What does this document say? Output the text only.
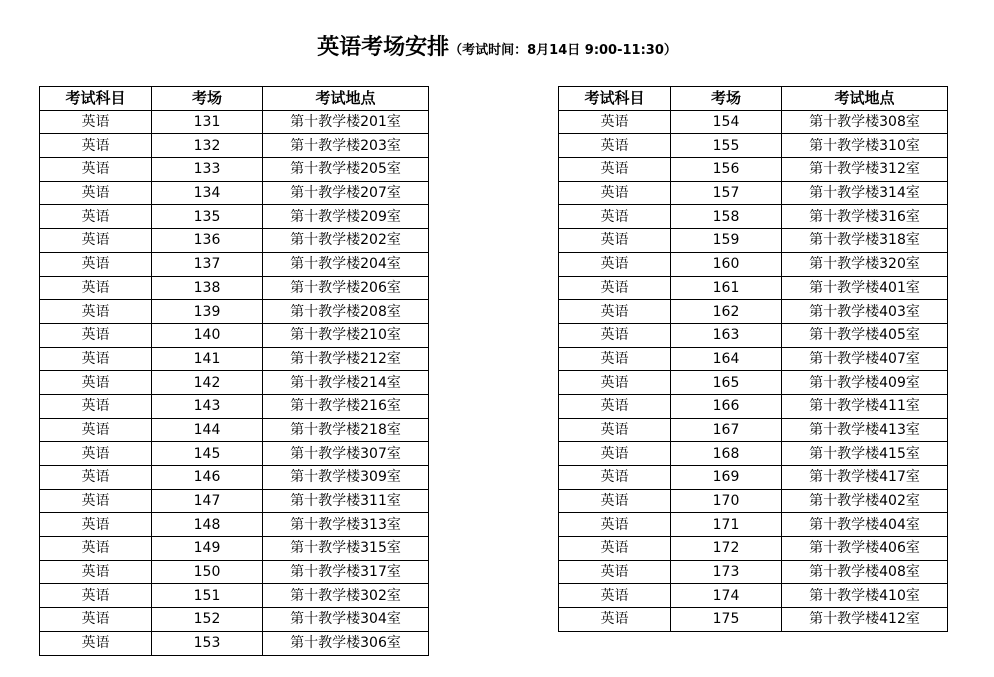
英语考场安排（考试时间：8月14日 9:00-11:30）
考试科目	考场	考试地点
英语	131	第十教学楼201室
英语	132	第十教学楼203室
英语	133	第十教学楼205室
英语	134	第十教学楼207室
英语	135	第十教学楼209室
英语	136	第十教学楼202室
英语	137	第十教学楼204室
英语	138	第十教学楼206室
英语	139	第十教学楼208室
英语	140	第十教学楼210室
英语	141	第十教学楼212室
英语	142	第十教学楼214室
英语	143	第十教学楼216室
英语	144	第十教学楼218室
英语	145	第十教学楼307室
英语	146	第十教学楼309室
英语	147	第十教学楼311室
英语	148	第十教学楼313室
英语	149	第十教学楼315室
英语	150	第十教学楼317室
英语	151	第十教学楼302室
英语	152	第十教学楼304室
英语	153	第十教学楼306室
考试科目	考场	考试地点
英语	154	第十教学楼308室
英语	155	第十教学楼310室
英语	156	第十教学楼312室
英语	157	第十教学楼314室
英语	158	第十教学楼316室
英语	159	第十教学楼318室
英语	160	第十教学楼320室
英语	161	第十教学楼401室
英语	162	第十教学楼403室
英语	163	第十教学楼405室
英语	164	第十教学楼407室
英语	165	第十教学楼409室
英语	166	第十教学楼411室
英语	167	第十教学楼413室
英语	168	第十教学楼415室
英语	169	第十教学楼417室
英语	170	第十教学楼402室
英语	171	第十教学楼404室
英语	172	第十教学楼406室
英语	173	第十教学楼408室
英语	174	第十教学楼410室
英语	175	第十教学楼412室
